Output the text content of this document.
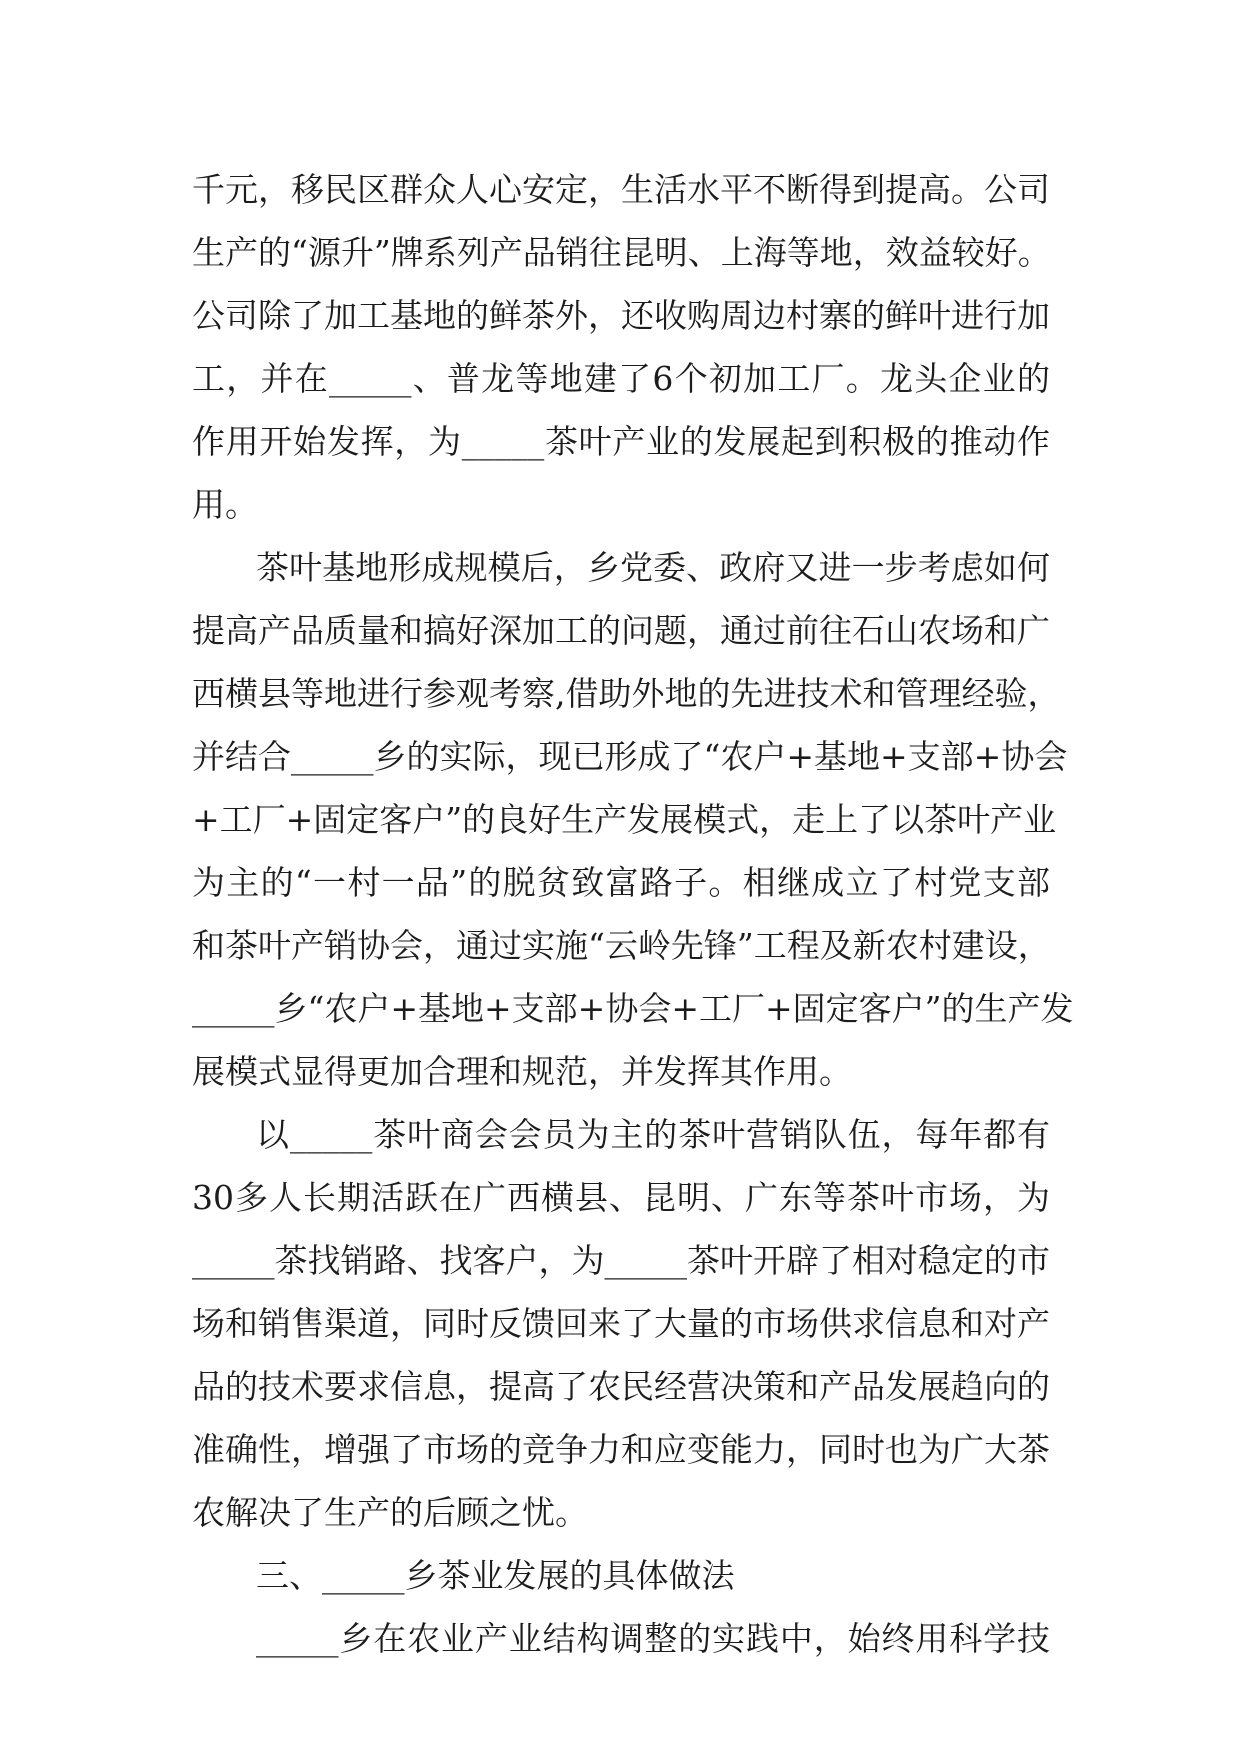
千元，移民区群众人心安定，生活水平不断得到提高。公司
生产的“源升”牌系列产品销往昆明、上海等地，效益较好。
公司除了加工基地的鲜茶外，还收购周边村寨的鲜叶进行加
工，并在_____、普龙等地建了6个初加工厂。龙头企业的
作用开始发挥，为_____茶叶产业的发展起到积极的推动作
用。
茶叶基地形成规模后，乡党委、政府又进一步考虑如何
提高产品质量和搞好深加工的问题，通过前往石山农场和广
西横县等地进行参观考察,借助外地的先进技术和管理经验，
并结合_____乡的实际，现已形成了“农户+基地+支部+协会
+工厂+固定客户”的良好生产发展模式，走上了以茶叶产业
为主的“一村一品”的脱贫致富路子。相继成立了村党支部
和茶叶产销协会，通过实施“云岭先锋”工程及新农村建设，
_____乡“农户+基地+支部+协会+工厂+固定客户”的生产发
展模式显得更加合理和规范，并发挥其作用。
以_____茶叶商会会员为主的茶叶营销队伍，每年都有
30多人长期活跃在广西横县、昆明、广东等茶叶市场，为
_____茶找销路、找客户，为_____茶叶开辟了相对稳定的市
场和销售渠道，同时反馈回来了大量的市场供求信息和对产
品的技术要求信息，提高了农民经营决策和产品发展趋向的
准确性，增强了市场的竞争力和应变能力，同时也为广大茶
农解决了生产的后顾之忧。
三、_____乡茶业发展的具体做法
_____乡在农业产业结构调整的实践中，始终用科学技
